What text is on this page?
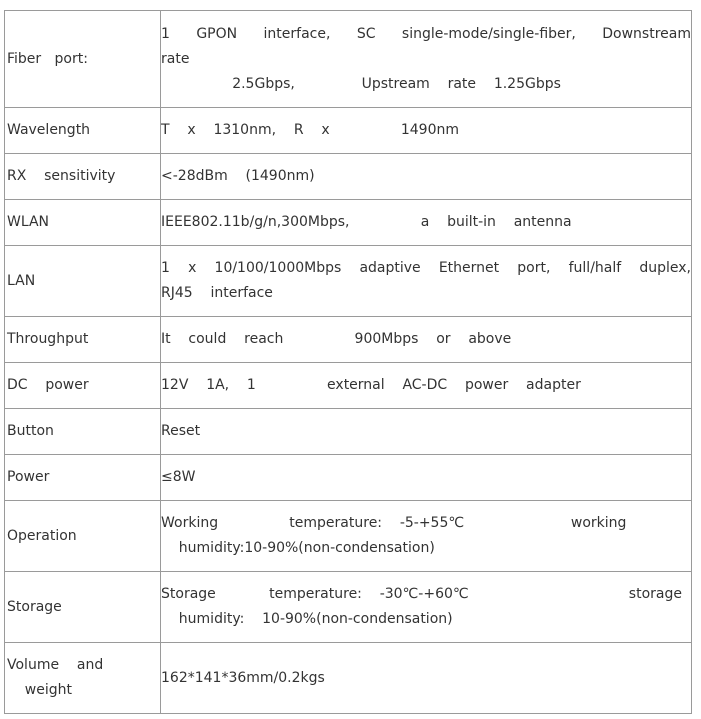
Fiber   port:	1 GPON interface, SC single-mode/single-fiber, Downstream
rate
2.5Gbps,               Upstream    rate    1.25Gbps

Wavelength	T    x    1310nm,    R    x                1490nm

RX    sensitivity	<-28dBm    (1490nm)

WLAN	IEEE802.11b/g/n,300Mbps,                a    built-in    antenna

LAN	1 x 10/100/1000Mbps adaptive Ethernet port, full/half duplex,
RJ45    interface

Throughput	It    could    reach                900Mbps    or    above

DC    power	12V    1A,    1                external    AC-DC    power    adapter

Button	Reset

Power	≤8W

Operation	Working                temperature:    -5-+55℃                        working
humidity:10-90%(non-condensation)

Storage	Storage            temperature:    -30℃-+60℃                                    storage
humidity:    10-90%(non-condensation)

Volume    and
weight	162*141*36mm/0.2kgs
